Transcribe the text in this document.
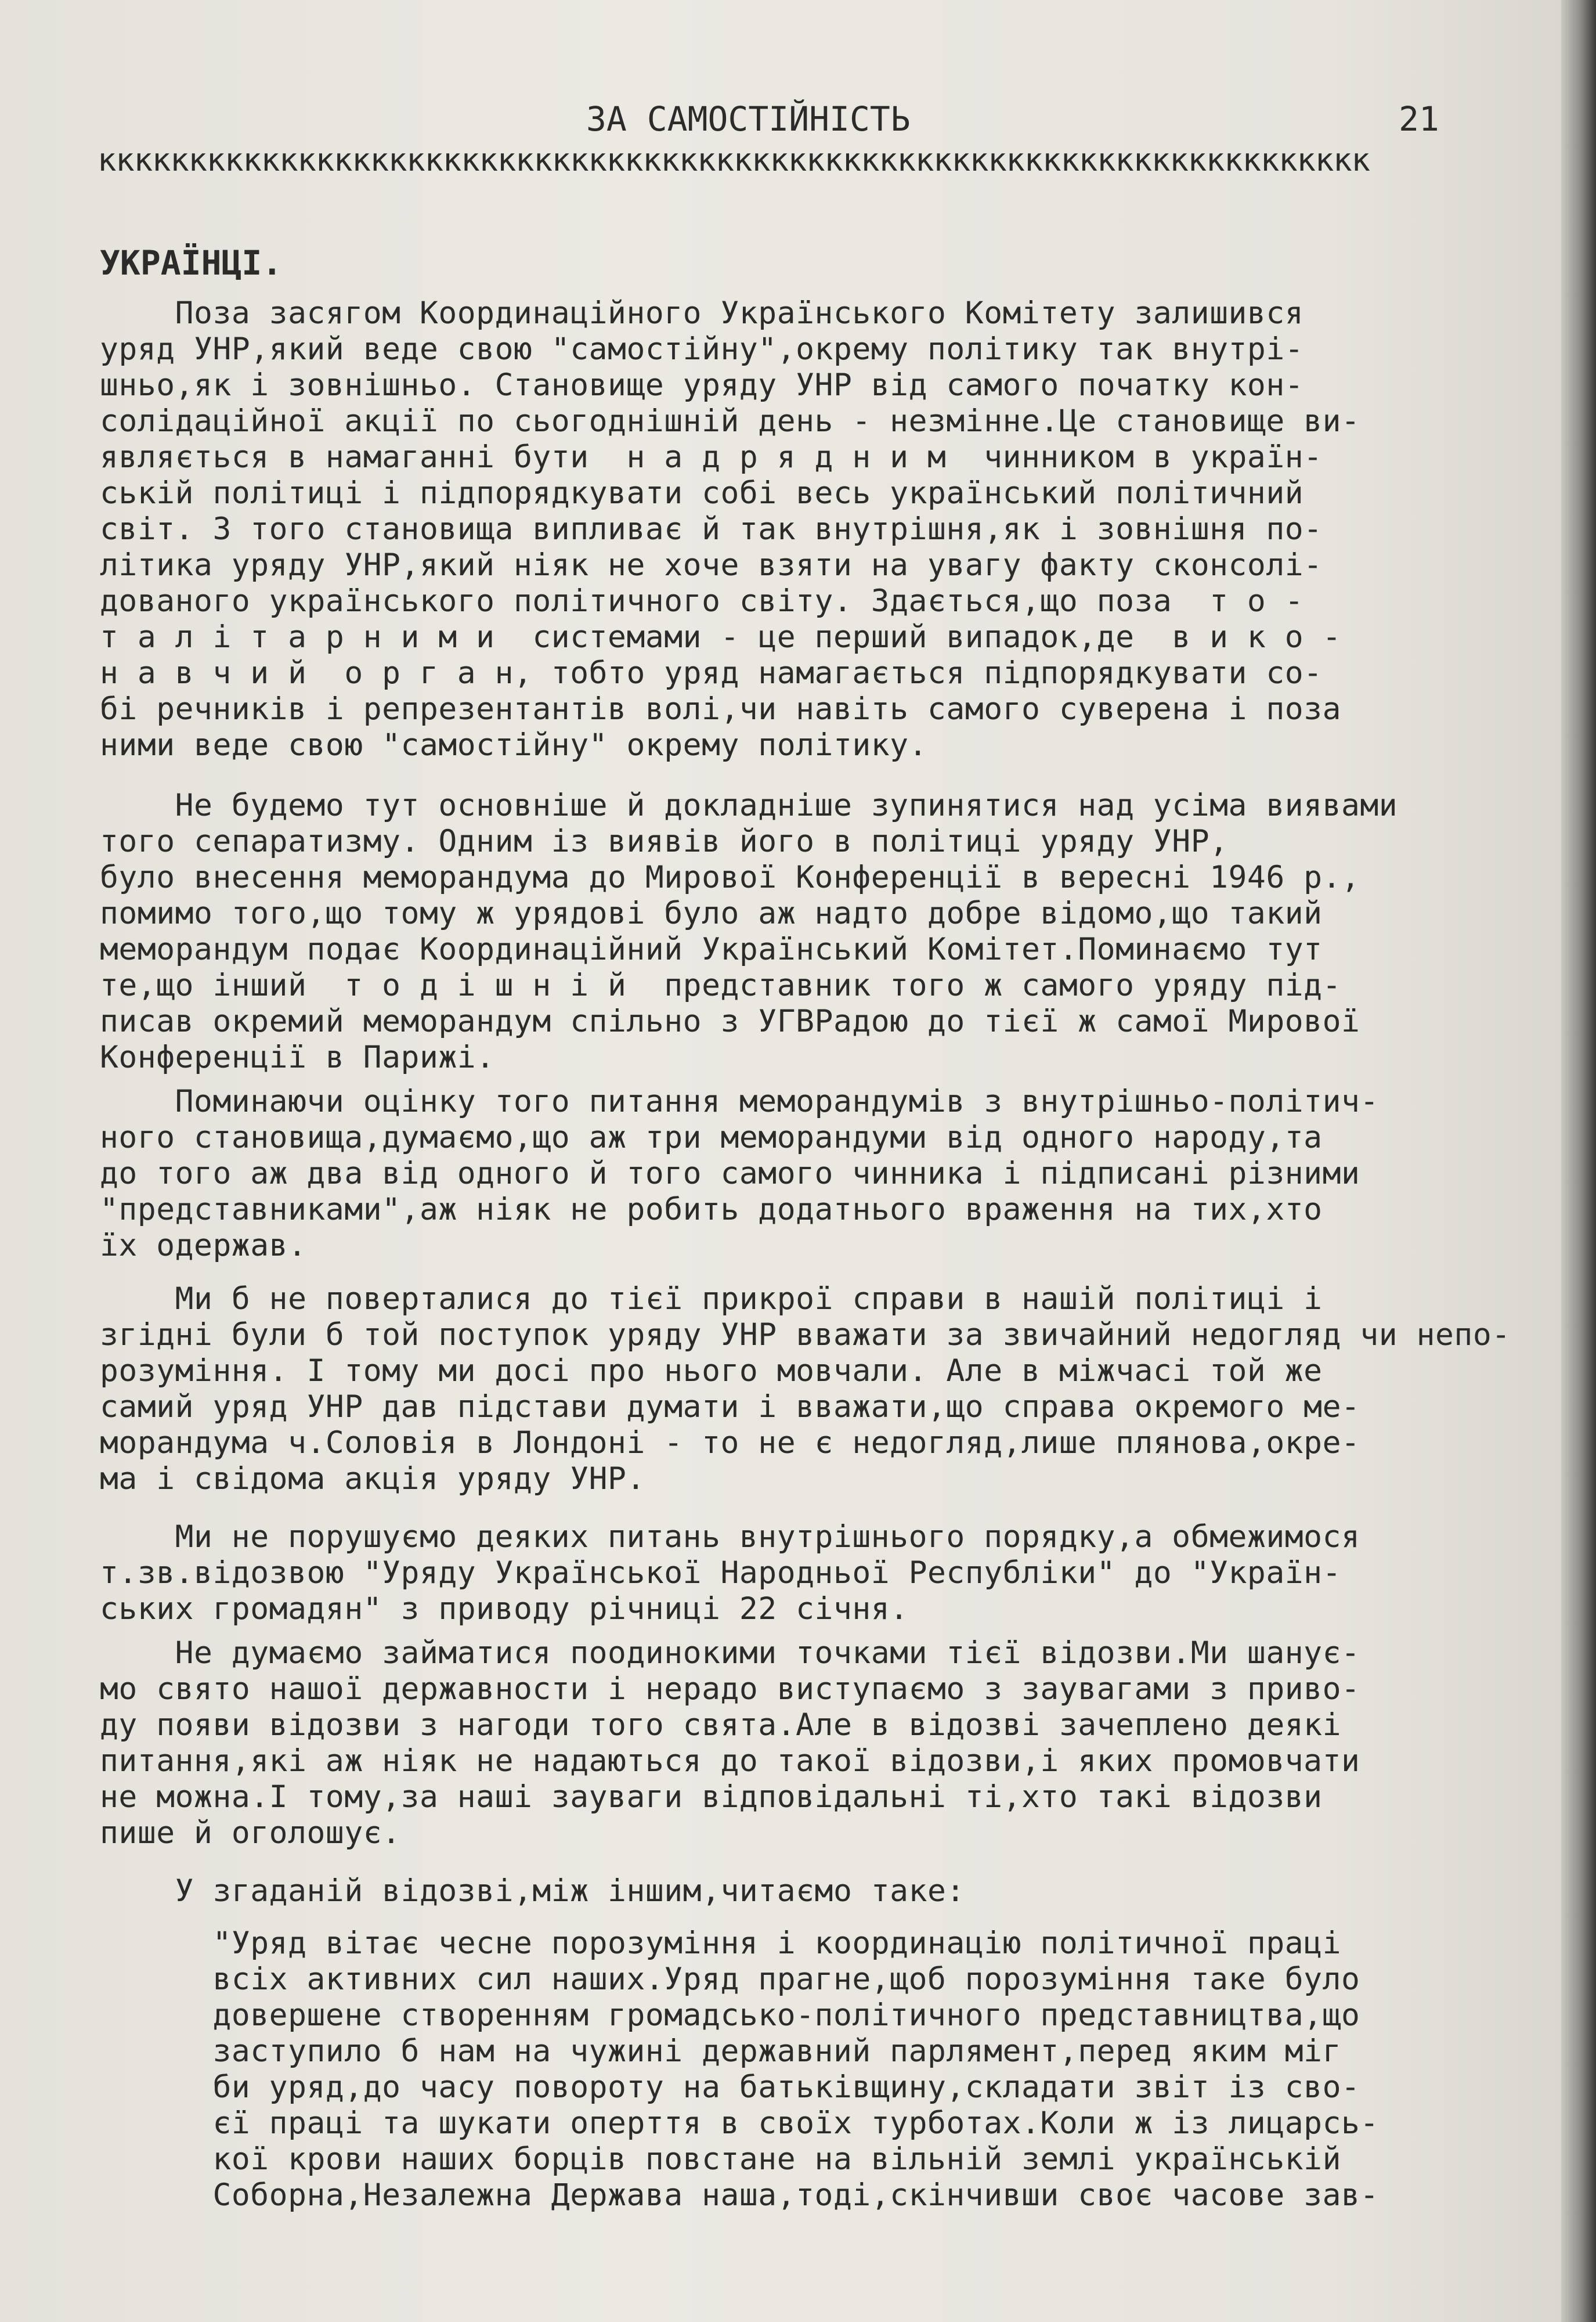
ЗА САМОСТІЙНІСТЬ	21
кккккккккккккккккккккккккккккккккккккккккккккккккккккккккккккккккккккк
УКРАЇНЦІ.
Поза засягом Координаційного Українського Комітету залишився
уряд УНР,який веде свою "самостійну",окрему політику так внутрі-
шньо,як і зовнішньо. Становище уряду УНР від самого початку кон-
солідаційної акції по сьогоднішній день - незмінне.Це становище ви-
являється в намаганні бути  н а д р я д н и м  чинником в україн-
ській політиці і підпорядкувати собі весь український політичний
світ. З того становища випливає й так внутрішня,як і зовнішня по-
літика уряду УНР,який ніяк не хоче взяти на увагу факту сконсолі-
дованого українського політичного світу. Здається,що поза  т о -
т а л і т а р н и м и  системами - це перший випадок,де  в и к о -
н а в ч и й  о р г а н, тобто уряд намагається підпорядкувати со-
бі речників і репрезентантів волі,чи навіть самого суверена і поза
ними веде свою "самостійну" окрему політику.
Не будемо тут основніше й докладніше зупинятися над усіма виявами
того сепаратизму. Одним із виявів його в політиці уряду УНР,
було внесення меморандума до Мирової Конференції в вересні 1946 р.,
помимо того,що тому ж урядові було аж надто добре відомо,що такий
меморандум подає Координаційний Український Комітет.Поминаємо тут
те,що інший  т о д і ш н і й  представник того ж самого уряду під-
писав окремий меморандум спільно з УГВРадою до тієї ж самої Мирової
Конференції в Парижі.
Поминаючи оцінку того питання меморандумів з внутрішньо-політич-
ного становища,думаємо,що аж три меморандуми від одного народу,та
до того аж два від одного й того самого чинника і підписані різними
"представниками",аж ніяк не робить додатнього враження на тих,хто
їх одержав.
Ми б не поверталися до тієї прикрої справи в нашій політиці і
згідні були б той поступок уряду УНР вважати за звичайний недогляд чи непо-
розуміння. І тому ми досі про нього мовчали. Але в міжчасі той же
самий уряд УНР дав підстави думати і вважати,що справа окремого ме-
морандума ч.Соловія в Лондоні - то не є недогляд,лише плянова,окре-
ма і свідома акція уряду УНР.
Ми не порушуємо деяких питань внутрішнього порядку,а обмежимося
т.зв.відозвою "Уряду Української Народньої Республіки" до "Україн-
ських громадян" з приводу річниці 22 січня.
Не думаємо займатися поодинокими точками тієї відозви.Ми шанує-
мо свято нашої державности і нерадо виступаємо з заувагами з приво-
ду появи відозви з нагоди того свята.Але в відозві зачеплено деякі
питання,які аж ніяк не надаються до такої відозви,і яких промовчати
не можна.І тому,за наші зауваги відповідальні ті,хто такі відозви
пише й оголошує.
У згаданій відозві,між іншим,читаємо таке:
"Уряд вітає чесне порозуміння і координацію політичної праці
всіх активних сил наших.Уряд прагне,щоб порозуміння таке було
довершене створенням громадсько-політичного представництва,що
заступило б нам на чужині державний парлямент,перед яким міг
би уряд,до часу повороту на батьківщину,складати звіт із сво-
єї праці та шукати оперття в своїх турботах.Коли ж із лицарсь-
кої крови наших борців повстане на вільній землі українській
Соборна,Незалежна Держава наша,тоді,скінчивши своє часове зав-
